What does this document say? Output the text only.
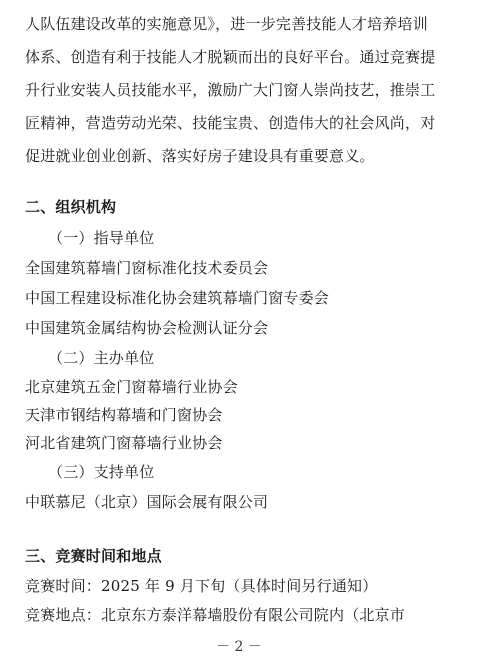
人队伍建设改革的实施意见》，进一步完善技能人才培养培训
体系、创造有利于技能人才脱颖而出的良好平台。通过竞赛提
升行业安装人员技能水平，激励广大门窗人崇尚技艺，推崇工
匠精神，营造劳动光荣、技能宝贵、创造伟大的社会风尚，对
促进就业创业创新、落实好房子建设具有重要意义。
二、组织机构
（一）指导单位
全国建筑幕墙门窗标准化技术委员会
中国工程建设标准化协会建筑幕墙门窗专委会
中国建筑金属结构协会检测认证分会
（二）主办单位
北京建筑五金门窗幕墙行业协会
天津市钢结构幕墙和门窗协会
河北省建筑门窗幕墙行业协会
（三）支持单位
中联慕尼（北京）国际会展有限公司
三、竞赛时间和地点
竞赛时间：2025 年 9 月下旬（具体时间另行通知）
竞赛地点：北京东方泰洋幕墙股份有限公司院内（北京市
－ 2 －
